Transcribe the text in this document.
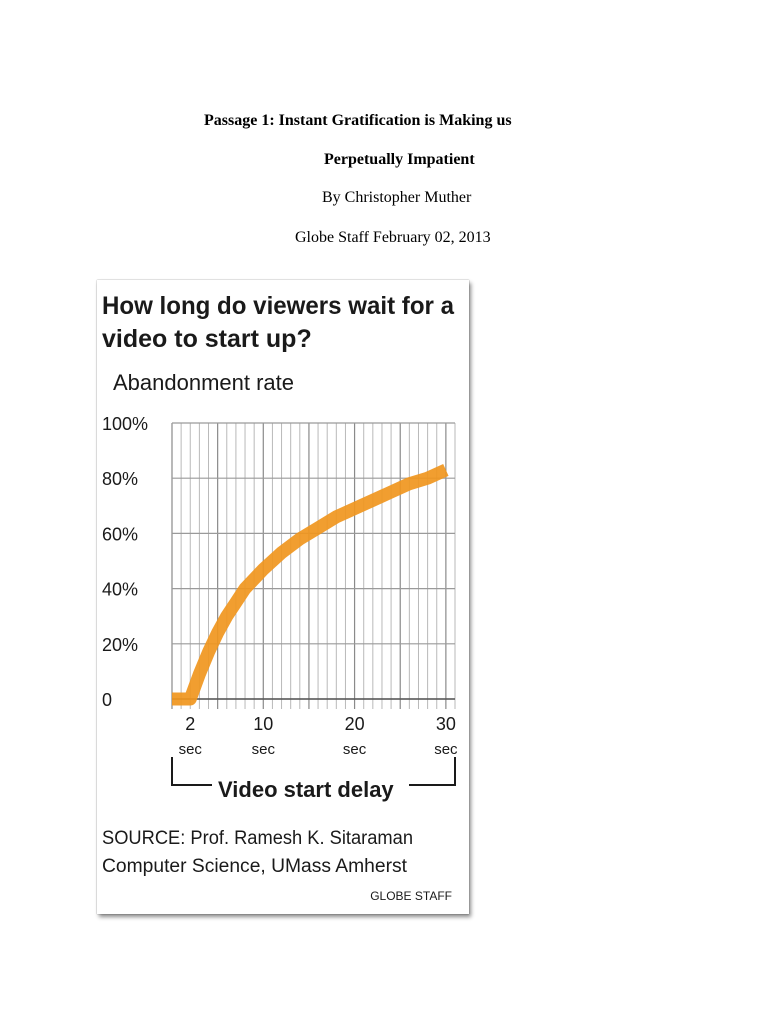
Passage 1: Instant Gratification is Making us

Perpetually Impatient

By Christopher Muther

Globe Staff February 02, 2013

100%
80%
60%
40%
20%
0
2
sec
10
sec
20
sec
30
sec
How long do viewers wait for a
video to start up?
Abandonment rate
Video start delay
SOURCE: Prof. Ramesh K. Sitaraman
Computer Science, UMass Amherst
GLOBE STAFF
